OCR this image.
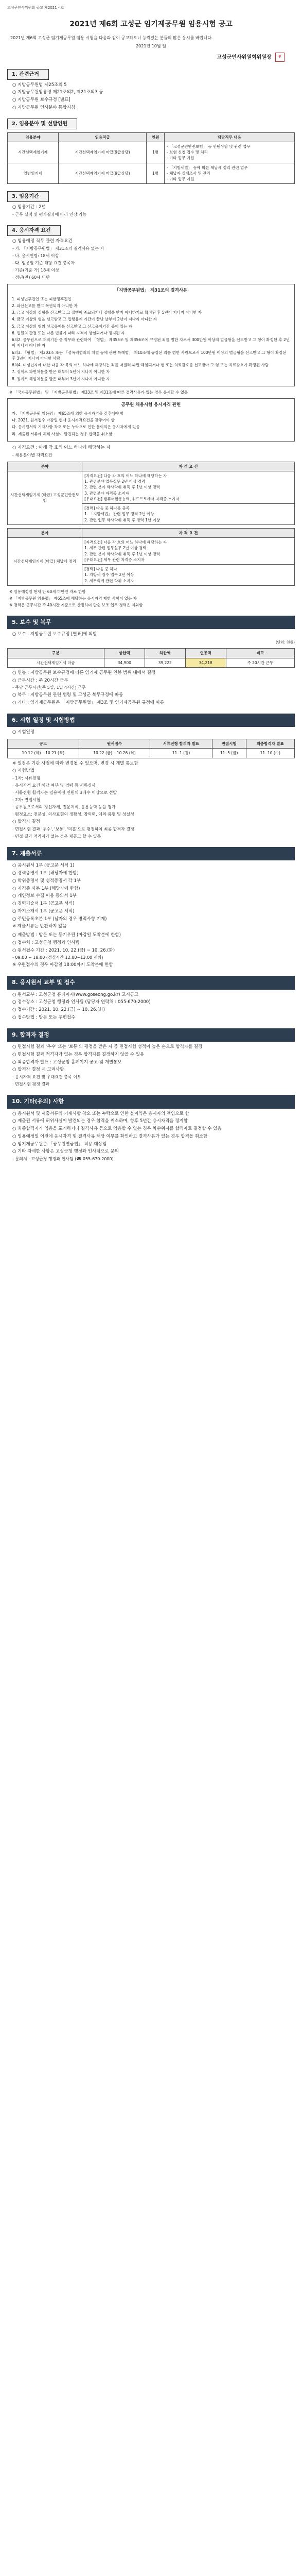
고성군인사위원회 공고 제2021 - 호
2021년 제6회 고성군 임기제공무원 임용시험 공고
2021년 제6회 고성군 임기제공무원 임용 시험을 다음과 같이 공고하오니 능력있는 분들의 많은 응시를 바랍니다.
2021년 10월 일
고성군인사위원회위원장 인
1. 관련근거
○ 지방공무원법 제25조의 5
○ 지방공무원임용령 제21조의2, 제21조의3 등
○ 지방공무원 보수규정 [별표]
○ 지방공무원 인사분야 통합지침
2. 임용분야 및 선발인원
임용분야	임용직급	인원	담당직무 내용
시간선택제임기제	시간선택제임기제 마급(9급상당)	1명	- 「고성군민안전보험」 등 민원상담 및 관련 업무
- 보험 신청 접수 및 처리
- 기타 업무 지원
일반임기제	시간선택제임기제 마급(9급상당)	1명	- 「지방세법」 등에 따른 체납세 정리 관련 업무
- 체납자 실태조사 및 관리
- 기타 업무 지원
3. 임용기간
○ 임용기간 : 2년
- 근무 실적 및 평가결과에 따라 연장 가능
4. 응시자격 요건
○ 임용예정 직무 관련 자격요건
- 가. 「지방공무원법」 제31조의 결격사유 없는 자
- 나. 응시연령: 18세 이상
- 다. 임용일 기준 해당 요건 충족자
· 기준(기준 가) 18세 이상
· 정년(만) 60세 미만
「지방공무원법」 제31조의 결격사유

1. 피성년후견인 또는 피한정후견인

2. 파산선고를 받고 복권되지 아니한 자

3. 금고 이상의 실형을 선고받고 그 집행이 종료되거나 집행을 받지 아니하기로 확정된 후 5년이 지나지 아니한 자

4. 금고 이상의 형을 선고받고 그 집행유예 기간이 끝난 날부터 2년이 지나지 아니한 자

5. 금고 이상의 형의 선고유예를 선고받고 그 선고유예기간 중에 있는 자

6. 법원의 판결 또는 다른 법률에 따라 자격이 상실되거나 정지된 자

6의2. 공무원으로 재직기간 중 직무와 관련하여 「형법」 제355조 및 제356조에 규정된 죄를 범한 자로서 300만원 이상의 벌금형을 선고받고 그 형이 확정된 후 2년이 지나지 아니한 자

6의3. 「형법」 제303조 또는 「성폭력범죄의 처벌 등에 관한 특례법」 제10조에 규정된 죄를 범한 사람으로서 100만원 이상의 벌금형을 선고받고 그 형이 확정된 후 3년이 지나지 아니한 사람

6의4. 미성년자에 대한 다음 각 목의 어느 하나에 해당하는 죄를 저질러 파면·해임되거나 형 또는 치료감호를 선고받아 그 형 또는 치료감호가 확정된 사람

7. 징계로 파면처분을 받은 때부터 5년이 지나지 아니한 자

8. 징계로 해임처분을 받은 때부터 3년이 지나지 아니한 자

※ 「국가공무원법」 및 「지방공무원법」 제33조 및 제31조에 따른 결격사유가 있는 경우 응시할 수 없음
공무원 채용시험 응시자격 관련

가. 「지방공무원 임용령」 제65조에 의한 응시자격을 갖추어야 함

나. 2021. 원서접수 마감일 현재 응시자격요건을 갖추어야 함

다. 응시원서의 기재사항 착오 또는 누락으로 인한 불이익은 응시자에게 있음

라. 제출된 서류에 허위 사실이 발견되는 경우 합격을 취소함

○ 자격요건 : 아래 각 호의 어느 하나에 해당하는 자
- 채용분야별 자격요건
분야	자 격 요 건
시간선택제임기제 (마급) 고성군민안전보험	[자격요건] 다음 각 호의 어느 하나에 해당하는 자
1. 관련분야 업무실무 2년 이상 경력
2. 관련 분야 학사학위 취득 후 1년 이상 경력
3. 관련분야 자격증 소지자
[우대요건] 컴퓨터활용능력, 워드프로세서 자격증 소지자
	[경력] 다음 중 하나를 충족
1. 「지방세법」 관련 업무 경력 2년 이상
2. 관련 업무 학사학위 취득 후 경력 1년 이상
분야	자 격 요 건
시간선택제임기제 (마급) 체납세 정리	[자격요건] 다음 각 호의 어느 하나에 해당하는 자
1. 세무 관련 업무실무 2년 이상 경력
2. 관련 분야 학사학위 취득 후 1년 이상 경력
[우대요건] 세무 관련 자격증 소지자
	[경력] 다음 중 하나
1. 지방세 징수 업무 2년 이상
2. 세무회계 관련 학위 소지자

※ 임용예정일 현재 만 60세 미만인 자로 한함

※ 「지방공무원 임용령」 제65조에 해당하는 응시자격 제한 사항이 없는 자

※ 경력은 근무시간 주 40시간 기준으로 산정하며 단순 보조 업무 경력은 제외함

5. 보수 및 복무
○ 보수 : 지방공무원 보수규정 [별표]에 의함
(단위: 천원)
구분	상한액	하한액	연봉액	비고
시간선택제임기제 마급	34,900	39,222	34,218	주 20시간 근무
○ 연봉 : 지방공무원 보수규정에 따른 임기제 공무원 연봉 범위 내에서 결정
○ 근무시간 : 주 20시간 근무
- 주당 근무시간(주 5일, 1일 4시간) 근무
○ 복무 : 지방공무원 관련 법령 및 고성군 복무규정에 따름
○ 기타 : 임기제공무원은 「지방공무원법」 제3조 및 임기제공무원 규정에 따름
6. 시험 일정 및 시험방법
○ 시험일정
공고	원서접수	서류전형 합격자 발표	면접시험	최종합격자 발표
10.12.(화) ~10.21.(목)	10.22.(금) ~10.26.(화)	11. 1.(월)	11. 5.(금)	11. 10.(수)
※ 일정은 기관 사정에 따라 변경될 수 있으며, 변경 시 개별 통보함
○ 시험방법
- 1차: 서류전형
· 응시자격 요건 해당 여부 및 경력 등 서류심사
· 서류전형 합격자는 임용예정 인원의 3배수 이상으로 선발
- 2차: 면접시험
· 공무원으로서의 정신자세, 전문지식, 응용능력 등을 평가
· 평정요소: 전문성, 의사표현의 정확성, 창의력, 예의·품행 및 성실성
○ 합격자 결정
· 면접시험 결과 '우수', '보통', '미흡'으로 평정하여 최종 합격자 결정
· 면접 결과 적격자가 없는 경우 재공고 할 수 있음
7. 제출서류
○ 응시원서 1부 (공고문 서식 1)
○ 경력증명서 1부 (해당자에 한함)
○ 학위증명서 및 성적증명서 각 1부
○ 자격증 사본 1부 (해당자에 한함)
○ 개인정보 수집·이용 동의서 1부
○ 경력기술서 1부 (공고문 서식)
○ 자기소개서 1부 (공고문 서식)
○ 주민등록초본 1부 (남자의 경우 병적사항 기재)
※ 제출서류는 반환하지 않음
○ 제출방법 : 방문 또는 등기우편 (마감일 도착분에 한함)
○ 접수처 : 고성군청 행정과 인사팀
○ 원서접수 기간 : 2021. 10. 22.(금) ~ 10. 26.(화)
- 09:00 ~ 18:00 (점심시간 12:00~13:00 제외)
※ 우편접수의 경우 마감일 18:00까지 도착분에 한함
8. 응시원서 교부 및 접수
○ 원서교부 : 고성군청 홈페이지(www.goseong.go.kr) 고시공고
○ 접수장소 : 고성군청 행정과 인사팀 (담당자 연락처 : 055-670-2000)
○ 접수기간 : 2021. 10. 22.(금) ~ 10. 26.(화)
○ 접수방법 : 방문 또는 우편접수
9. 합격자 결정
○ 면접시험 결과 '우수' 또는 '보통'의 평정을 받은 자 중 면접시험 성적이 높은 순으로 합격자를 결정
○ 면접시험 결과 적격자가 없는 경우 합격자를 결정하지 않을 수 있음
○ 최종합격자 발표 : 고성군청 홈페이지 공고 및 개별통보
○ 합격자 결정 시 고려사항
· 응시자격 요건 및 우대요건 충족 여부
· 면접시험 평정 결과
10. 기타(유의) 사항
○ 응시원서 및 제출서류의 기재사항 착오 또는 누락으로 인한 불이익은 응시자의 책임으로 함
○ 제출된 서류에 허위사실이 발견되는 경우 합격을 취소하며, 향후 5년간 응시자격을 정지함
○ 최종합격자가 임용을 포기하거나 결격사유 등으로 임용할 수 없는 경우 차순위자를 합격자로 결정할 수 있음
○ 임용예정일 이전에 응시자격 및 결격사유 해당 여부를 확인하고 결격사유가 있는 경우 합격을 취소함
○ 임기제공무원은 「공무원연금법」 적용 대상임
○ 기타 자세한 사항은 고성군청 행정과 인사팀으로 문의
- 문의처 : 고성군청 행정과 인사팀 (☎ 055-670-2000)
